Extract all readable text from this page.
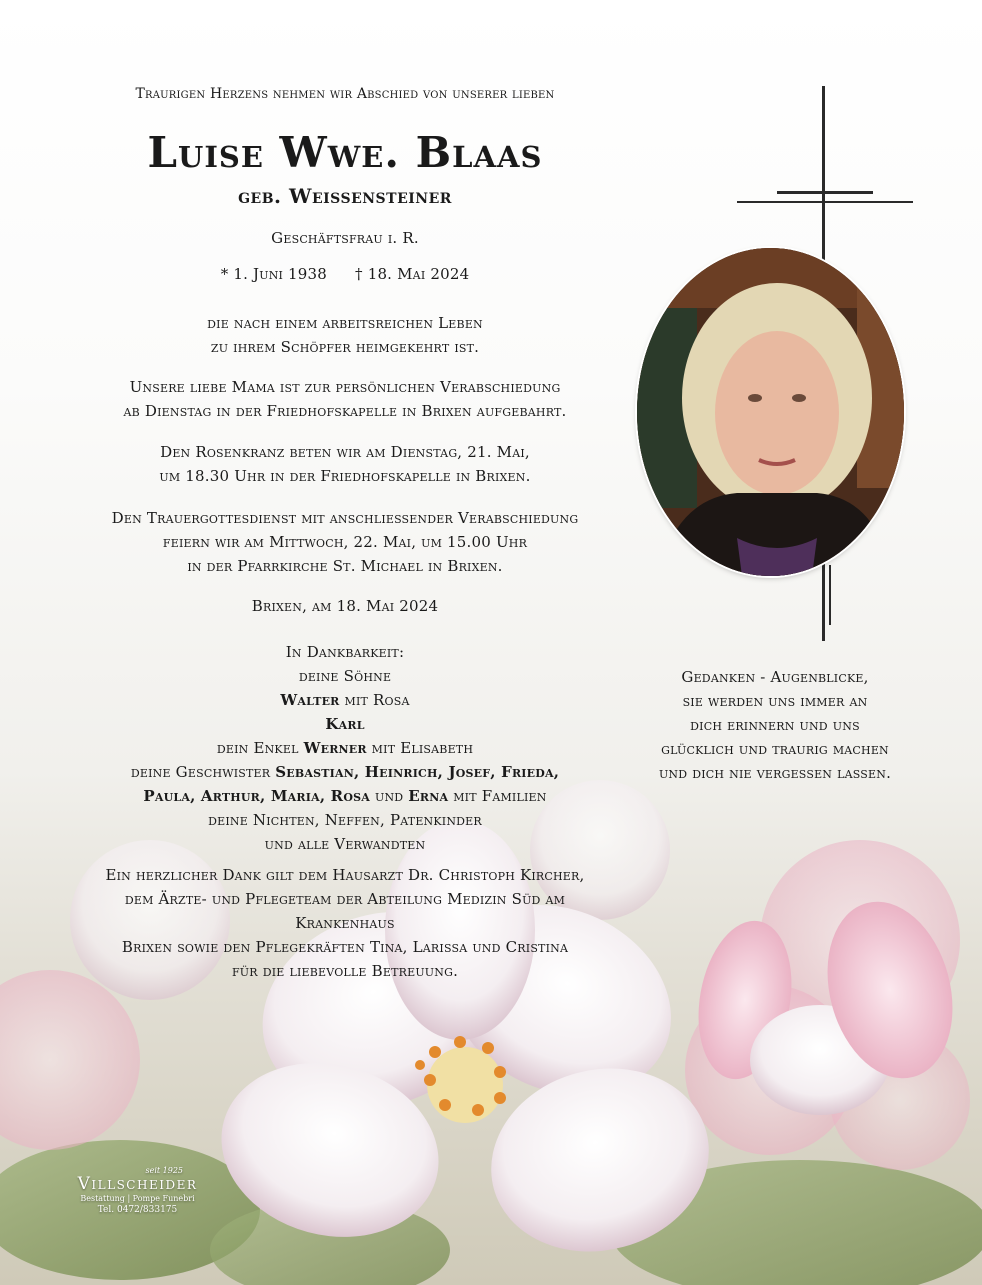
Traurigen Herzens nehmen wir Abschied von unserer lieben
Luise Wwe. Blaas
geb. Weissensteiner
Geschäftsfrau i. R.
* 1. Juni 1938 † 18. Mai 2024
die nach einem arbeitsreichen Leben
zu ihrem Schöpfer heimgekehrt ist.
Unsere liebe Mama ist zur persönlichen Verabschiedung
ab Dienstag in der Friedhofskapelle in Brixen aufgebahrt.
Den Rosenkranz beten wir am Dienstag, 21. Mai,
um 18.30 Uhr in der Friedhofskapelle in Brixen.
Den Trauergottesdienst mit anschließender Verabschiedung
feiern wir am Mittwoch, 22. Mai, um 15.00 Uhr
in der Pfarrkirche St. Michael in Brixen.
Brixen, am 18. Mai 2024
In Dankbarkeit:
deine Söhne
Walter mit Rosa
Karl
dein Enkel Werner mit Elisabeth
deine Geschwister Sebastian, Heinrich, Josef, Frieda,
Paula, Arthur, Maria, Rosa und Erna mit Familien
deine Nichten, Neffen, Patenkinder
und alle Verwandten
Ein herzlicher Dank gilt dem Hausarzt Dr. Christoph Kircher,
dem Ärzte- und Pflegeteam der Abteilung Medizin Süd am Krankenhaus
Brixen sowie den Pflegekräften Tina, Larissa und Cristina
für die liebevolle Betreuung.
Gedanken - Augenblicke,
sie werden uns immer an
dich erinnern und uns
glücklich und traurig machen
und dich nie vergessen lassen.
seit 1925
Villscheider
Bestattung | Pompe Funebri
Tel. 0472/833175
